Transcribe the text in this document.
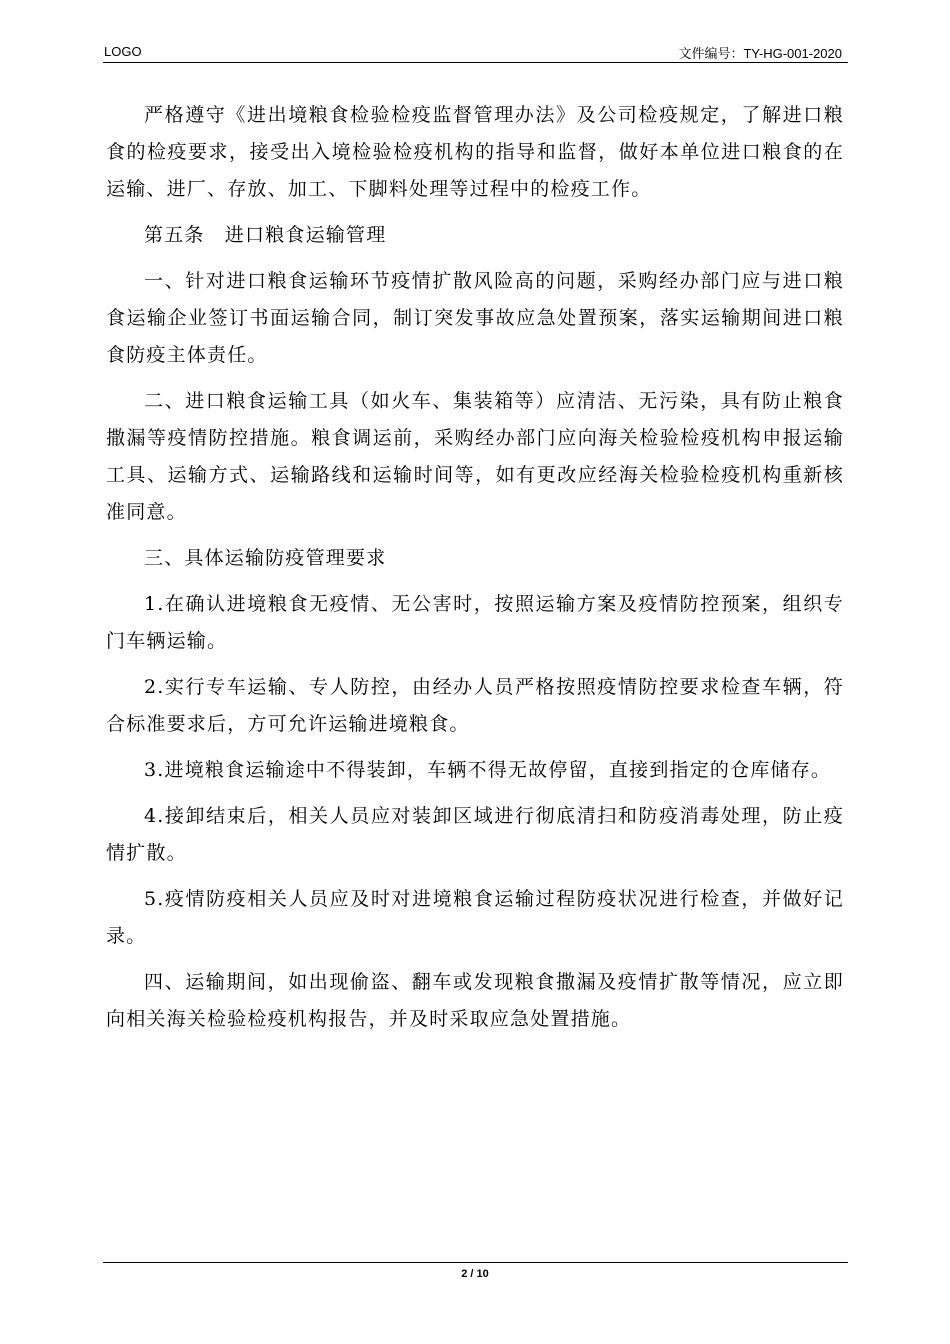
LOGO	文件编号：TY-HG-001-2020

严格遵守《进出境粮食检验检疫监督管理办法》及公司检疫规定，了解进口粮食的检疫要求，接受出入境检验检疫机构的指导和监督，做好本单位进口粮食的在运输、进厂、存放、加工、下脚料处理等过程中的检疫工作。

第五条　进口粮食运输管理

一、针对进口粮食运输环节疫情扩散风险高的问题，采购经办部门应与进口粮食运输企业签订书面运输合同，制订突发事故应急处置预案，落实运输期间进口粮食防疫主体责任。

二、进口粮食运输工具（如火车、集装箱等）应清洁、无污染，具有防止粮食撒漏等疫情防控措施。粮食调运前，采购经办部门应向海关检验检疫机构申报运输工具、运输方式、运输路线和运输时间等，如有更改应经海关检验检疫机构重新核准同意。

三、具体运输防疫管理要求

1.在确认进境粮食无疫情、无公害时，按照运输方案及疫情防控预案，组织专门车辆运输。

2.实行专车运输、专人防控，由经办人员严格按照疫情防控要求检查车辆，符合标准要求后，方可允许运输进境粮食。

3.进境粮食运输途中不得装卸，车辆不得无故停留，直接到指定的仓库储存。

4.接卸结束后，相关人员应对装卸区域进行彻底清扫和防疫消毒处理，防止疫情扩散。

5.疫情防疫相关人员应及时对进境粮食运输过程防疫状况进行检查，并做好记录。

四、运输期间，如出现偷盗、翻车或发现粮食撒漏及疫情扩散等情况，应立即向相关海关检验检疫机构报告，并及时采取应急处置措施。

2 / 10
